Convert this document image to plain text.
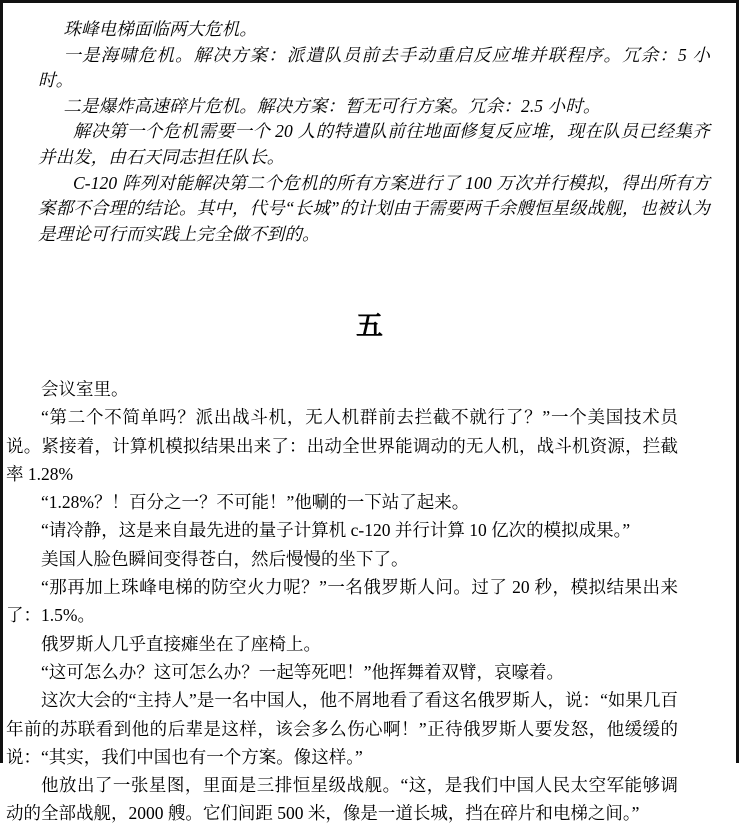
珠峰电梯面临两大危机。

一是海啸危机。解决方案：派遣队员前去手动重启反应堆并联程序。冗余：5 小时。

二是爆炸高速碎片危机。解决方案：暂无可行方案。冗余：2.5 小时。

解决第一个危机需要一个 20 人的特遣队前往地面修复反应堆，现在队员已经集齐并出发，由石天同志担任队长。

C-120 阵列对能解决第二个危机的所有方案进行了 100 万次并行模拟，得出所有方案都不合理的结论。其中，代号“长城”的计划由于需要两千余艘恒星级战舰，也被认为是理论可行而实践上完全做不到的。

五

会议室里。

“第二个不简单吗？派出战斗机，无人机群前去拦截不就行了？”一个美国技术员说。紧接着，计算机模拟结果出来了：出动全世界能调动的无人机，战斗机资源，拦截率 1.28%

“1.28%？！百分之一？不可能！”他唰的一下站了起来。

“请冷静，这是来自最先进的量子计算机 c-120 并行计算 10 亿次的模拟成果。”

美国人脸色瞬间变得苍白，然后慢慢的坐下了。

“那再加上珠峰电梯的防空火力呢？”一名俄罗斯人问。过了 20 秒，模拟结果出来了：1.5%。

俄罗斯人几乎直接瘫坐在了座椅上。

“这可怎么办？这可怎么办？一起等死吧！”他挥舞着双臂，哀嚎着。

这次大会的“主持人”是一名中国人，他不屑地看了看这名俄罗斯人，说：“如果几百年前的苏联看到他的后辈是这样，该会多么伤心啊！”正待俄罗斯人要发怒，他缓缓的说：“其实，我们中国也有一个方案。像这样。”

他放出了一张星图，里面是三排恒星级战舰。“这，是我们中国人民太空军能够调动的全部战舰，2000 艘。它们间距 500 米，像是一道长城，挡在碎片和电梯之间。”
